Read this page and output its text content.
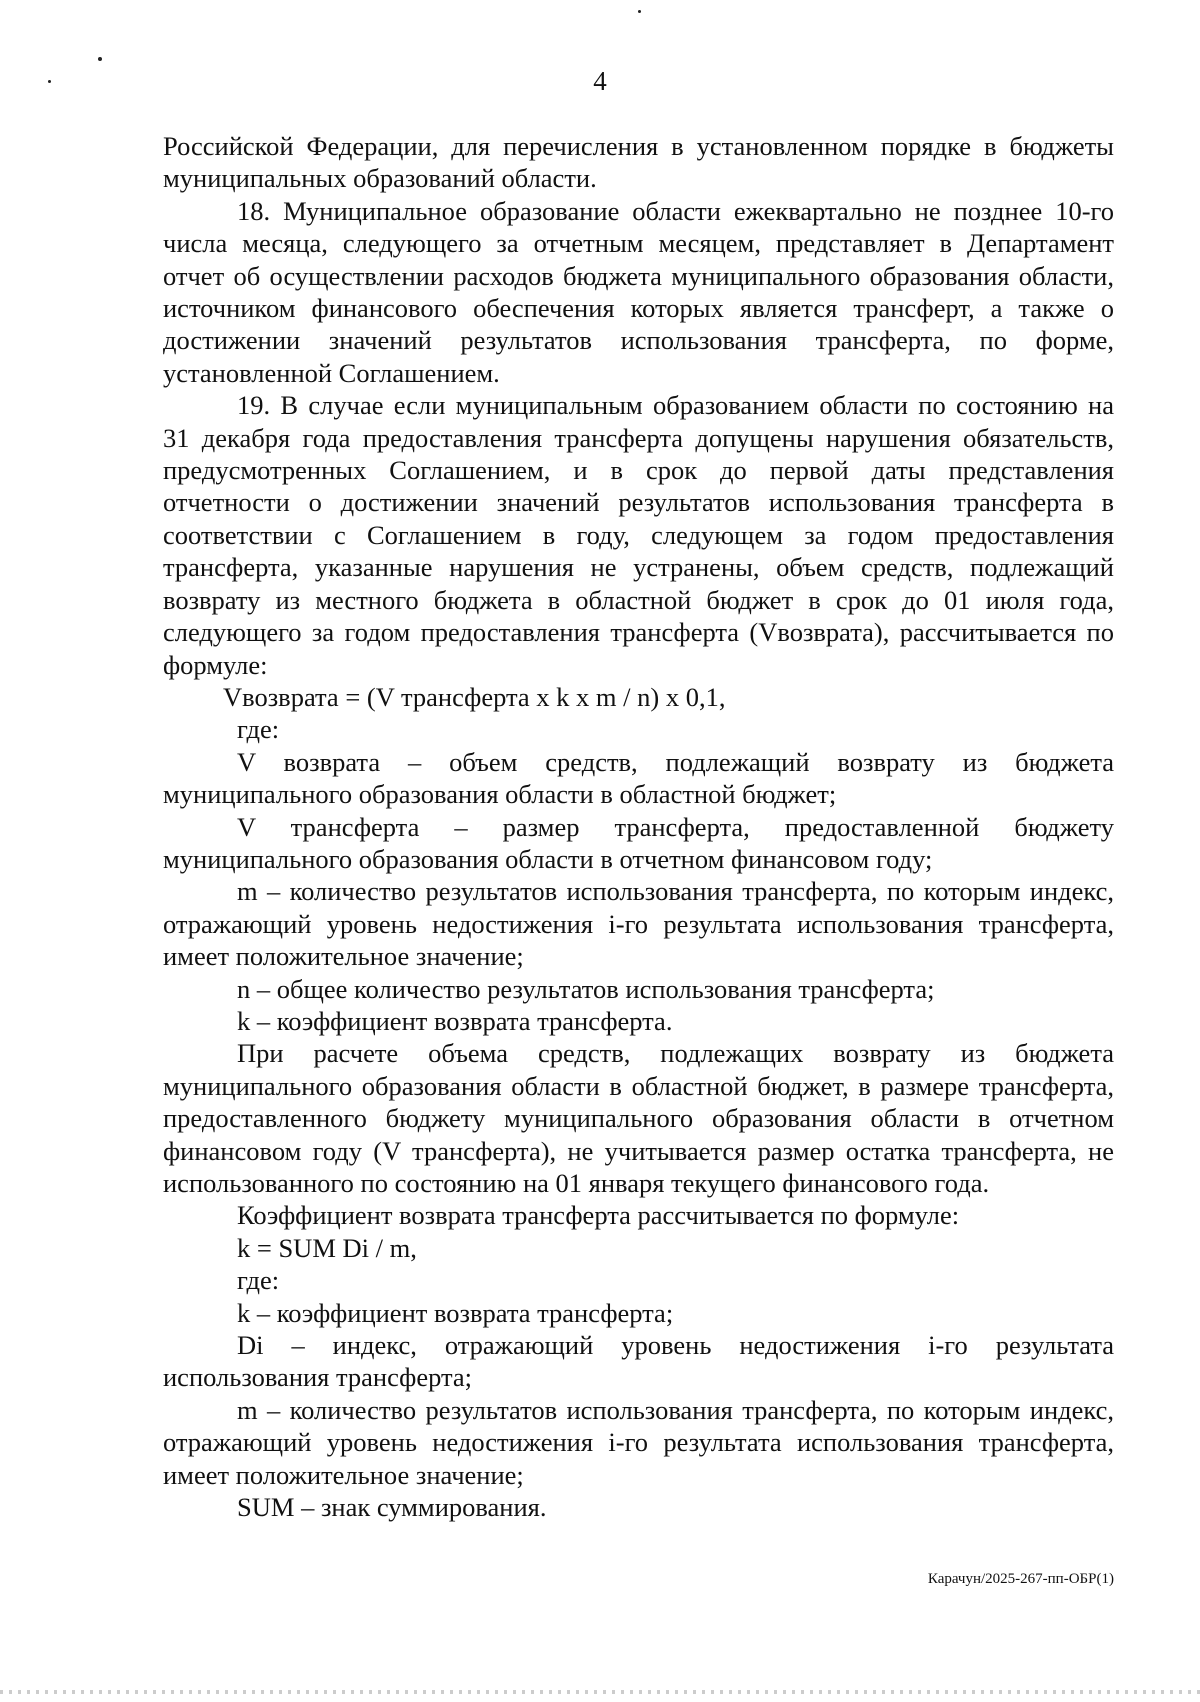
4

Российской Федерации, для перечисления в установленном порядке в бюджеты муниципальных образований области.

18. Муниципальное образование области ежеквартально не позднее 10-го числа месяца, следующего за отчетным месяцем, представляет в Департамент отчет об осуществлении расходов бюджета муниципального образования области, источником финансового обеспечения которых является трансферт, а также о достижении значений результатов использования трансферта, по форме, установленной Соглашением.

19. В случае если муниципальным образованием области по состоянию на 31 декабря года предоставления трансферта допущены нарушения обязательств, предусмотренных Соглашением, и в срок до первой даты представления отчетности о достижении значений результатов использования трансферта в соответствии с Соглашением в году, следующем за годом предоставления трансферта, указанные нарушения не устранены, объем средств, подлежащий возврату из местного бюджета в областной бюджет в срок до 01 июля года, следующего за годом предоставления трансферта (Vвозврата), рассчитывается по формуле:

Vвозврата = (V трансферта x k x m / n) x 0,1,

где:

V возврата – объем средств, подлежащий возврату из бюджета муниципального образования области в областной бюджет;

V трансферта – размер трансферта, предоставленной бюджету муниципального образования области в отчетном финансовом году;

m – количество результатов использования трансферта, по которым индекс, отражающий уровень недостижения i-го результата использования трансферта, имеет положительное значение;

n – общее количество результатов использования трансферта;

k – коэффициент возврата трансферта.

При расчете объема средств, подлежащих возврату из бюджета муниципального образования области в областной бюджет, в размере трансферта, предоставленного бюджету муниципального образования области в отчетном финансовом году (V трансферта), не учитывается размер остатка трансферта, не использованного по состоянию на 01 января текущего финансового года.

Коэффициент возврата трансферта рассчитывается по формуле:

k = SUM Di / m,

где:

k – коэффициент возврата трансферта;

Di – индекс, отражающий уровень недостижения i-го результата использования трансферта;

m – количество результатов использования трансферта, по которым индекс, отражающий уровень недостижения i-го результата использования трансферта, имеет положительное значение;

SUM – знак суммирования.

Карачун/2025-267-пп-ОБР(1)
